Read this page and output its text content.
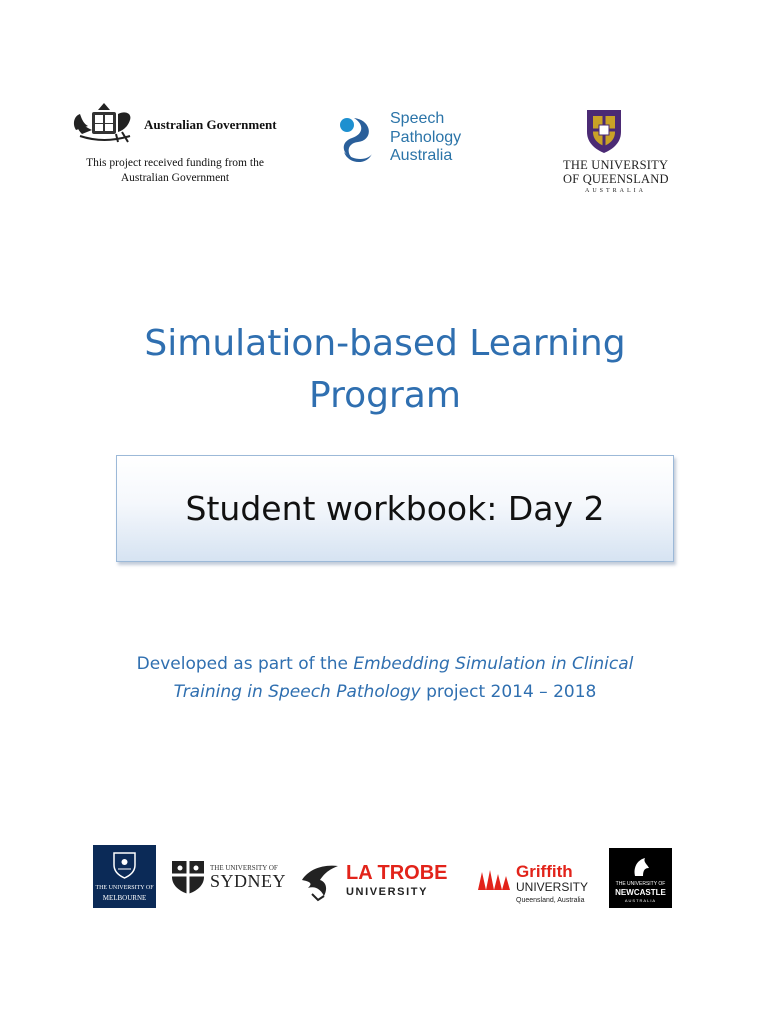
Australian Government
This project received funding from the
Australian Government
Speech
Pathology
Australia
THE UNIVERSITY
OF QUEENSLAND
AUSTRALIA
Simulation-based Learning
Program
Student workbook: Day 2
Developed as part of the Embedding Simulation in Clinical
Training in Speech Pathology project 2014 – 2018
THE UNIVERSITY OF
MELBOURNE
THE UNIVERSITY OF
SYDNEY	LA TROBE
UNIVERSITY
Griffith
UNIVERSITY
Queensland, Australia
THE UNIVERSITY OF
NEWCASTLE
AUSTRALIA
